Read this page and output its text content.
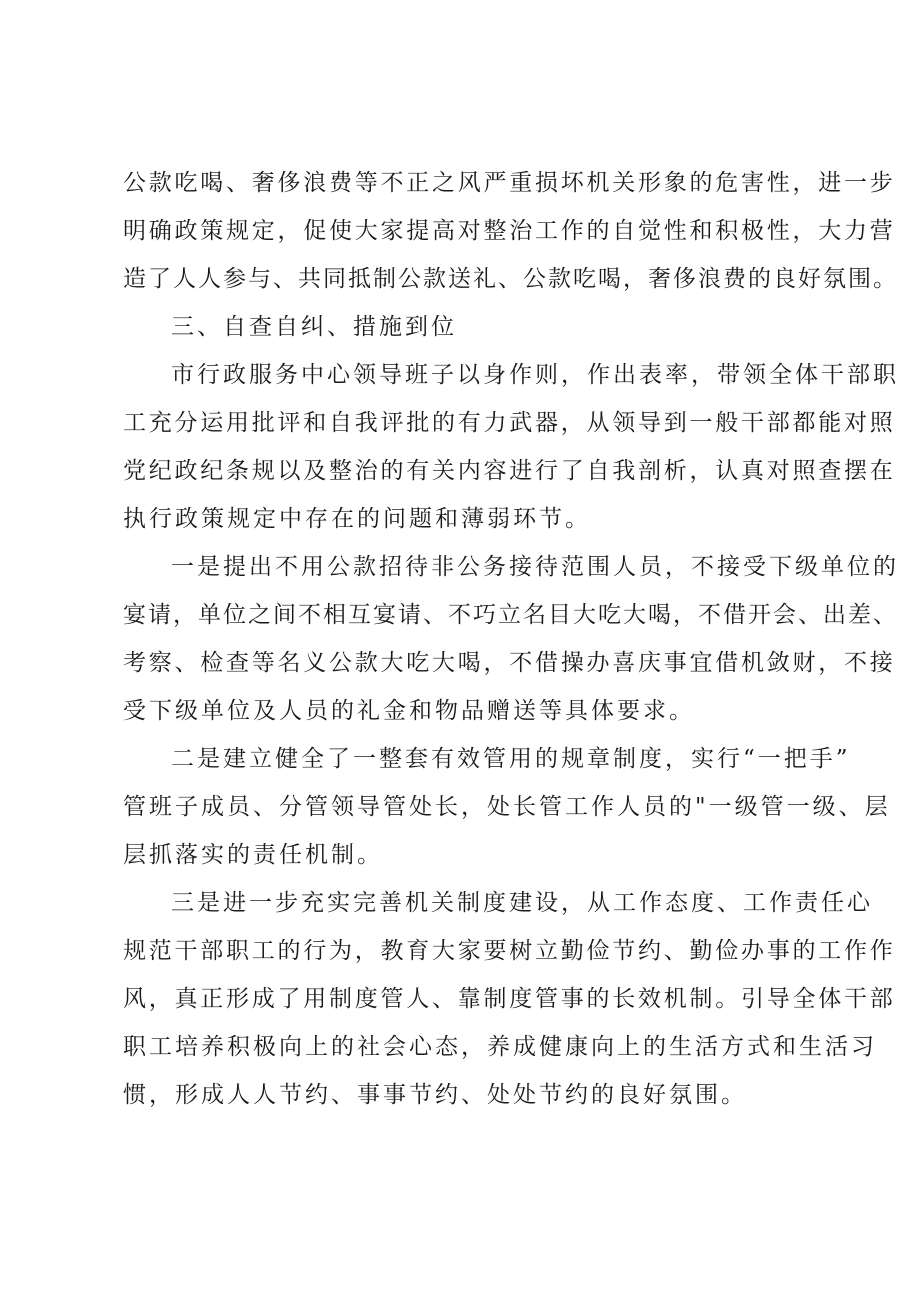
公款吃喝、奢侈浪费等不正之风严重损坏机关形象的危害性，进一步
明确政策规定，促使大家提高对整治工作的自觉性和积极性，大力营
造了人人参与、共同抵制公款送礼、公款吃喝，奢侈浪费的良好氛围。
三、自查自纠、措施到位
市行政服务中心领导班子以身作则，作出表率，带领全体干部职
工充分运用批评和自我评批的有力武器，从领导到一般干部都能对照
党纪政纪条规以及整治的有关内容进行了自我剖析，认真对照查摆在
执行政策规定中存在的问题和薄弱环节。
一是提出不用公款招待非公务接待范围人员，不接受下级单位的
宴请，单位之间不相互宴请、不巧立名目大吃大喝，不借开会、出差、
考察、检查等名义公款大吃大喝，不借操办喜庆事宜借机敛财，不接
受下级单位及人员的礼金和物品赠送等具体要求。
二是建立健全了一整套有效管用的规章制度，实行“一把手”
管班子成员、分管领导管处长，处长管工作人员的"一级管一级、层
层抓落实的责任机制。
三是进一步充实完善机关制度建设，从工作态度、工作责任心
规范干部职工的行为，教育大家要树立勤俭节约、勤俭办事的工作作
风，真正形成了用制度管人、靠制度管事的长效机制。引导全体干部
职工培养积极向上的社会心态，养成健康向上的生活方式和生活习
惯，形成人人节约、事事节约、处处节约的良好氛围。
